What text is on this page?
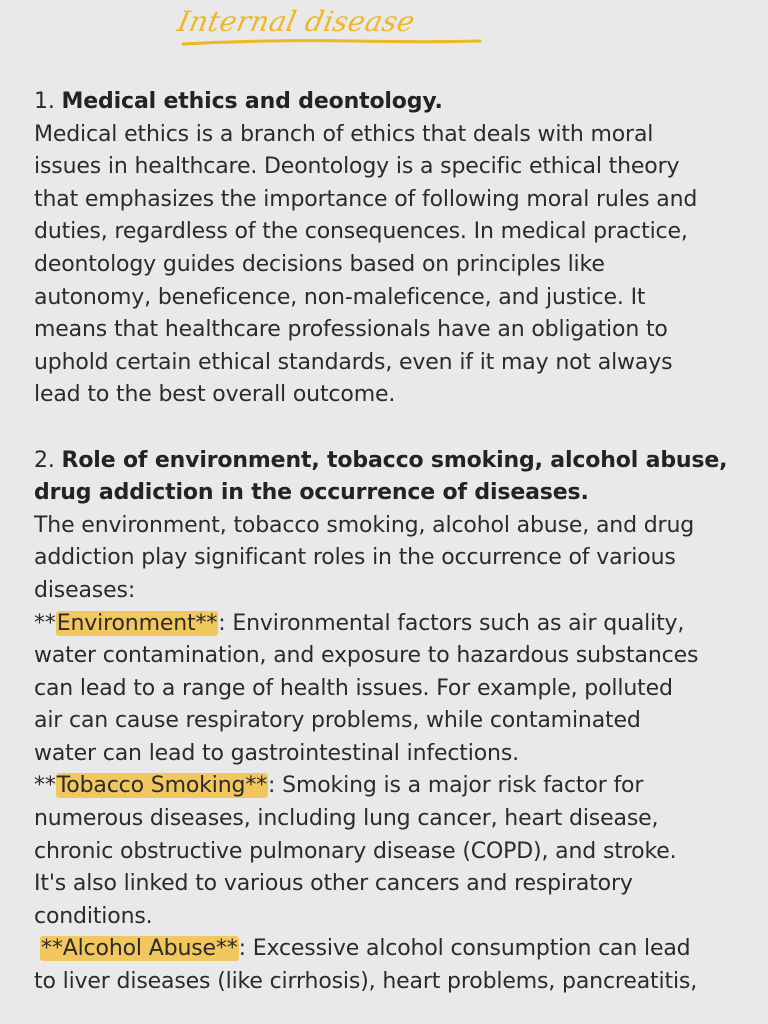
Internal disease
1. Medical ethics and deontology.
Medical ethics is a branch of ethics that deals with moral
issues in healthcare. Deontology is a specific ethical theory
that emphasizes the importance of following moral rules and
duties, regardless of the consequences. In medical practice,
deontology guides decisions based on principles like
autonomy, beneficence, non-maleficence, and justice. It
means that healthcare professionals have an obligation to
uphold certain ethical standards, even if it may not always
lead to the best overall outcome.
2. Role of environment, tobacco smoking, alcohol abuse,
drug addiction in the occurrence of diseases.
The environment, tobacco smoking, alcohol abuse, and drug
addiction play significant roles in the occurrence of various
diseases:
**Environment**: Environmental factors such as air quality,
water contamination, and exposure to hazardous substances
can lead to a range of health issues. For example, polluted
air can cause respiratory problems, while contaminated
water can lead to gastrointestinal infections.
**Tobacco Smoking**: Smoking is a major risk factor for
numerous diseases, including lung cancer, heart disease,
chronic obstructive pulmonary disease (COPD), and stroke.
It's also linked to various other cancers and respiratory
conditions.
**Alcohol Abuse**: Excessive alcohol consumption can lead
to liver diseases (like cirrhosis), heart problems, pancreatitis,
